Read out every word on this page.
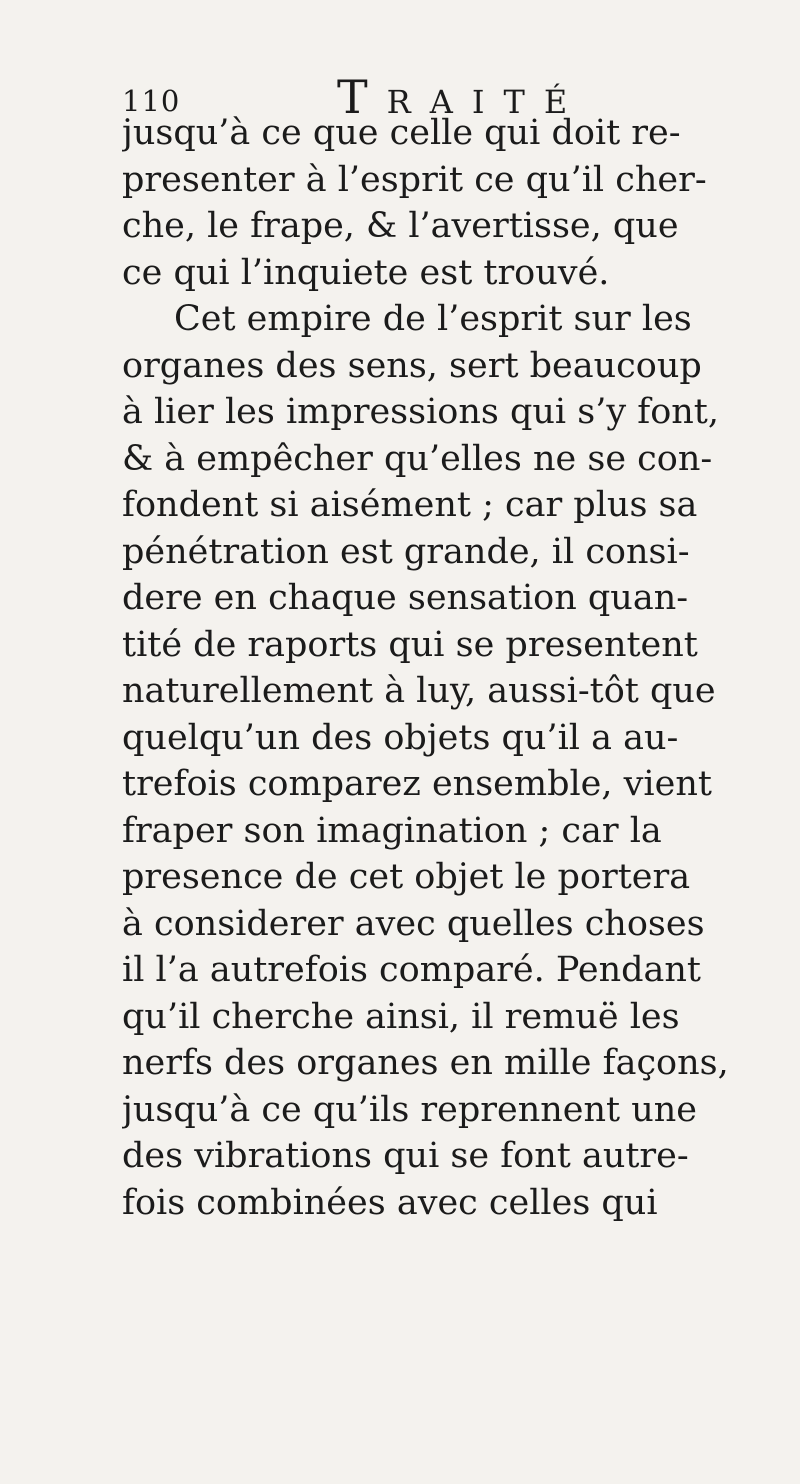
110	Traité
jusqu’à ce que celle qui doit re-
presenter à l’esprit ce qu’il cher-
che, le frape, & l’avertisse, que
ce qui l’inquiete est trouvé.
Cet empire de l’esprit sur les
organes des sens, sert beaucoup
à lier les impressions qui s’y font,
& à empêcher qu’elles ne se con-
fondent si aisément ; car plus sa
pénétration est grande, il consi-
dere en chaque sensation quan-
tité de raports qui se presentent
naturellement à luy, aussi-tôt que
quelqu’un des objets qu’il a au-
trefois comparez ensemble, vient
fraper son imagination ; car la
presence de cet objet le portera
à considerer avec quelles choses
il l’a autrefois comparé. Pendant
qu’il cherche ainsi, il remuë les
nerfs des organes en mille façons,
jusqu’à ce qu’ils reprennent une
des vibrations qui se font autre-
fois combinées avec celles qui
